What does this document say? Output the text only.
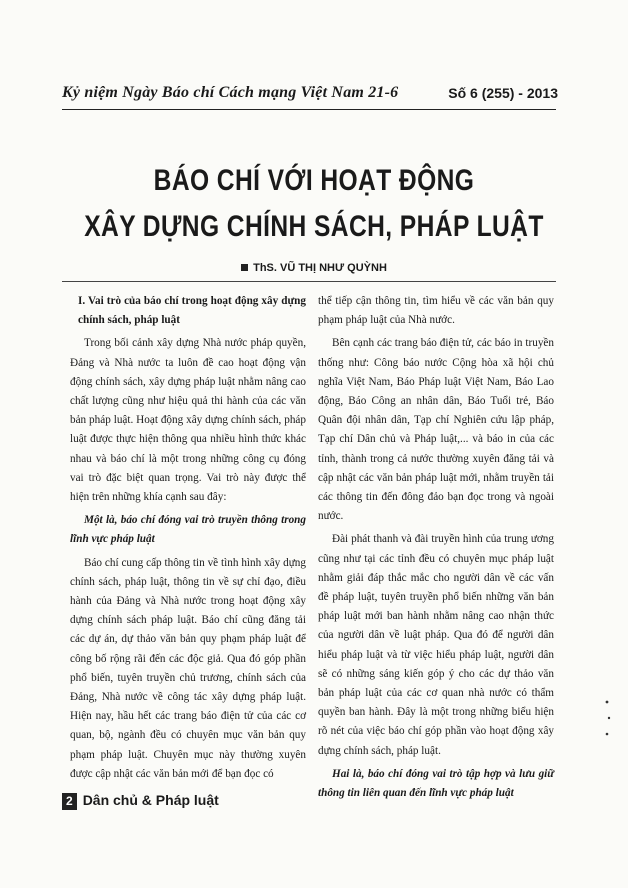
Kỷ niệm Ngày Báo chí Cách mạng Việt Nam 21-6	Số 6 (255) - 2013
BÁO CHÍ VỚI HOẠT ĐỘNG
XÂY DỰNG CHÍNH SÁCH, PHÁP LUẬT
ThS. VŨ THỊ NHƯ QUỲNH

I. Vai trò của báo chí trong hoạt động xây dựng chính sách, pháp luật

Trong bối cảnh xây dựng Nhà nước pháp quyền, Đảng và Nhà nước ta luôn đề cao hoạt động vận động chính sách, xây dựng pháp luật nhằm nâng cao chất lượng cũng như hiệu quả thi hành của các văn bản pháp luật. Hoạt động xây dựng chính sách, pháp luật được thực hiện thông qua nhiều hình thức khác nhau và báo chí là một trong những công cụ đóng vai trò đặc biệt quan trọng. Vai trò này được thể hiện trên những khía cạnh sau đây:

Một là, báo chí đóng vai trò truyền thông trong lĩnh vực pháp luật

Báo chí cung cấp thông tin về tình hình xây dựng chính sách, pháp luật, thông tin về sự chỉ đạo, điều hành của Đảng và Nhà nước trong hoạt động xây dựng chính sách pháp luật. Báo chí cũng đăng tải các dự án, dự thảo văn bản quy phạm pháp luật để công bố rộng rãi đến các độc giả. Qua đó góp phần phổ biến, tuyên truyền chủ trương, chính sách của Đảng, Nhà nước về công tác xây dựng pháp luật. Hiện nay, hầu hết các trang báo điện tử của các cơ quan, bộ, ngành đều có chuyên mục văn bản quy phạm pháp luật. Chuyên mục này thường xuyên được cập nhật các văn bản mới để bạn đọc có

thể tiếp cận thông tin, tìm hiểu về các văn bản quy phạm pháp luật của Nhà nước.

Bên cạnh các trang báo điện tử, các báo in truyền thống như: Công báo nước Cộng hòa xã hội chủ nghĩa Việt Nam, Báo Pháp luật Việt Nam, Báo Lao động, Báo Công an nhân dân, Báo Tuổi trẻ, Báo Quân đội nhân dân, Tạp chí Nghiên cứu lập pháp, Tạp chí Dân chủ và Pháp luật,... và báo in của các tỉnh, thành trong cả nước thường xuyên đăng tải và cập nhật các văn bản pháp luật mới, nhằm truyền tải các thông tin đến đông đảo bạn đọc trong và ngoài nước.

Đài phát thanh và đài truyền hình của trung ương cũng như tại các tỉnh đều có chuyên mục pháp luật nhằm giải đáp thắc mắc cho người dân về các vấn đề pháp luật, tuyên truyền phổ biến những văn bản pháp luật mới ban hành nhằm nâng cao nhận thức của người dân về luật pháp. Qua đó để người dân hiểu pháp luật và từ việc hiểu pháp luật, người dân sẽ có những sáng kiến góp ý cho các dự thảo văn bản pháp luật của các cơ quan nhà nước có thẩm quyền ban hành. Đây là một trong những biểu hiện rõ nét của việc báo chí góp phần vào hoạt động xây dựng chính sách, pháp luật.

Hai là, báo chí đóng vai trò tập hợp và lưu giữ thông tin liên quan đến lĩnh vực pháp luật

2 Dân chủ & Pháp luật
